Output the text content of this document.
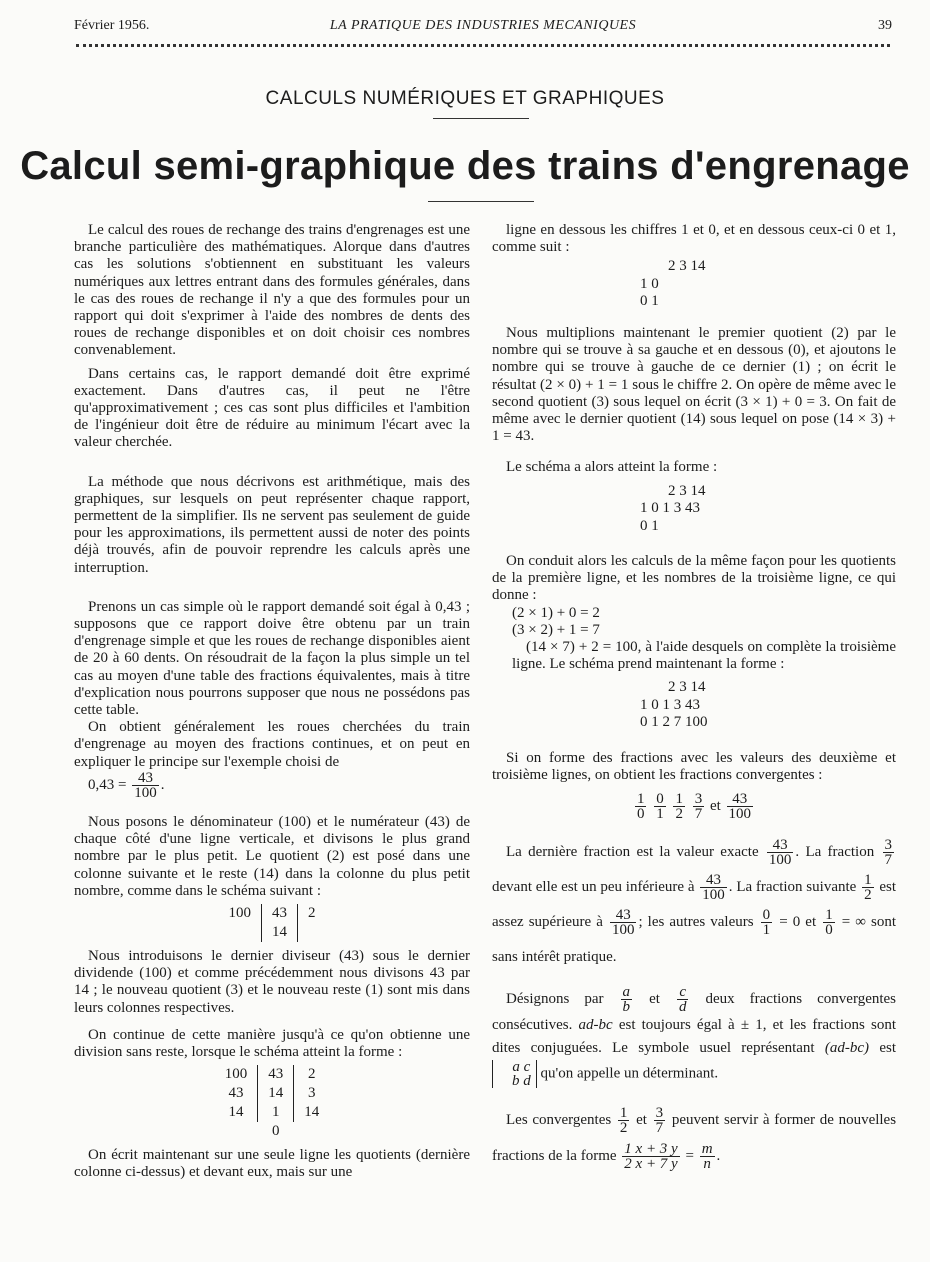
Février 1956.	LA PRATIQUE DES INDUSTRIES MECANIQUES	39
CALCULS NUMÉRIQUES ET GRAPHIQUES
Calcul semi-graphique des trains d'engrenage

Le calcul des roues de rechange des trains d'engrenages est une branche particulière des mathématiques. Alorque dans d'autres cas les solutions s'obtiennent en substituant les valeurs numériques aux lettres entrant dans des formules générales, dans le cas des roues de rechange il n'y a que des formules pour un rapport qui doit s'exprimer à l'aide des nombres de dents des roues de rechange disponibles et on doit choisir ces nombres convenablement.

Dans certains cas, le rapport demandé doit être exprimé exactement. Dans d'autres cas, il peut ne l'être qu'approximativement ; ces cas sont plus difficiles et l'ambition de l'ingénieur doit être de réduire au minimum l'écart avec la valeur cherchée.

La méthode que nous décrivons est arithmétique, mais des graphiques, sur lesquels on peut représenter chaque rapport, permettent de la simplifier. Ils ne servent pas seulement de guide pour les approximations, ils permettent aussi de noter des points déjà trouvés, afin de pouvoir reprendre les calculs après une interruption.

Prenons un cas simple où le rapport demandé soit égal à 0,43 ; supposons que ce rapport doive être obtenu par un train d'engrenage simple et que les roues de rechange disponibles aient de 20 à 60 dents. On résoudrait de la façon la plus simple un tel cas au moyen d'une table des fractions équivalentes, mais à titre d'explication nous pourrons supposer que nous ne possédons pas cette table.

On obtient généralement les roues cherchées du train d'engrenage au moyen des fractions continues, et on peut en expliquer le principe sur l'exemple choisi de

$0,43 = \frac{43}{100}$ .

Nous posons le dénominateur (100) et le numérateur (43) de chaque côté d'une ligne verticale, et divisons le plus grand nombre par le plus petit. Le quotient (2) est posé dans une colonne suivante et le reste (14) dans la colonne du plus petit nombre, comme dans le schéma suivant :

100	43	2
	14	

Nous introduisons le dernier diviseur (43) sous le dernier dividende (100) et comme précédemment nous divisons 43 par 14 ; le nouveau quotient (3) et le nouveau reste (1) sont mis dans leurs colonnes respectives.

On continue de cette manière jusqu'à ce qu'on obtienne une division sans reste, lorsque le schéma atteint la forme :

100	43	2
43	14	3
14	1	14
	0	

On écrit maintenant sur une seule ligne les quotients (dernière colonne ci-dessus) et devant eux, mais sur une

ligne en dessous les chiffres 1 et 0, et en dessous ceux-ci 0 et 1, comme suit :

2 3 14
1 0
0 1

Nous multiplions maintenant le premier quotient (2) par le nombre qui se trouve à sa gauche et en dessous (0), et ajoutons le nombre qui se trouve à gauche de ce dernier (1) ; on écrit le résultat (2 × 0) + 1 = 1 sous le chiffre 2. On opère de même avec le second quotient (3) sous lequel on écrit (3 × 1) + 0 = 3. On fait de même avec le dernier quotient (14) sous lequel on pose (14 × 3) + 1 = 43.

Le schéma a alors atteint la forme :

2 3 14
1 0 1 3 43
0 1

On conduit alors les calculs de la même façon pour les quotients de la première ligne, et les nombres de la troisième ligne, ce qui donne :

(2 × 1) + 0 = 2
(3 × 2) + 1 = 7

(14 × 7) + 2 = 100, à l'aide desquels on complète la troisième ligne. Le schéma prend maintenant la forme :

2 3 14
1 0 1 3 43
0 1 2 7 100

Si on forme des fractions avec les valeurs des deuxième et troisième lignes, on obtient les fractions convergentes :

$\frac{1}{0}$
$\frac{0}{1}$
$\frac{1}{2}$
$\frac{3}{7}$ et $\frac{43}{100}$

La dernière fraction est la valeur exacte $\frac{43}{100}$ . La fraction $\frac{3}{7}$
devant elle est un peu inférieure à $\frac{43}{100}$ . La fraction suivante $\frac{1}{2}$ est assez supérieure à $\frac{43}{100}$ ; les autres valeurs $\frac{0}{1} = 0$ et $\frac{1}{0}$ = ∞ sont sans intérêt pratique.

Désignons par $\frac{a}{b}$ et $\frac{c}{d}$ deux fractions convergentes consécutives. ad-bc est toujours égal à ± 1, et les fractions sont dites conjuguées. Le symbole usuel représentant (ad-bc) est
a c
b d qu'on appelle un déterminant.

Les convergentes $\frac{1}{2}$ et $\frac{3}{7}$ peuvent servir à former de nouvelles fractions de la forme $\frac{1 x + 3 y}{2 x + 7 y} = \frac{m}{n}$ .
